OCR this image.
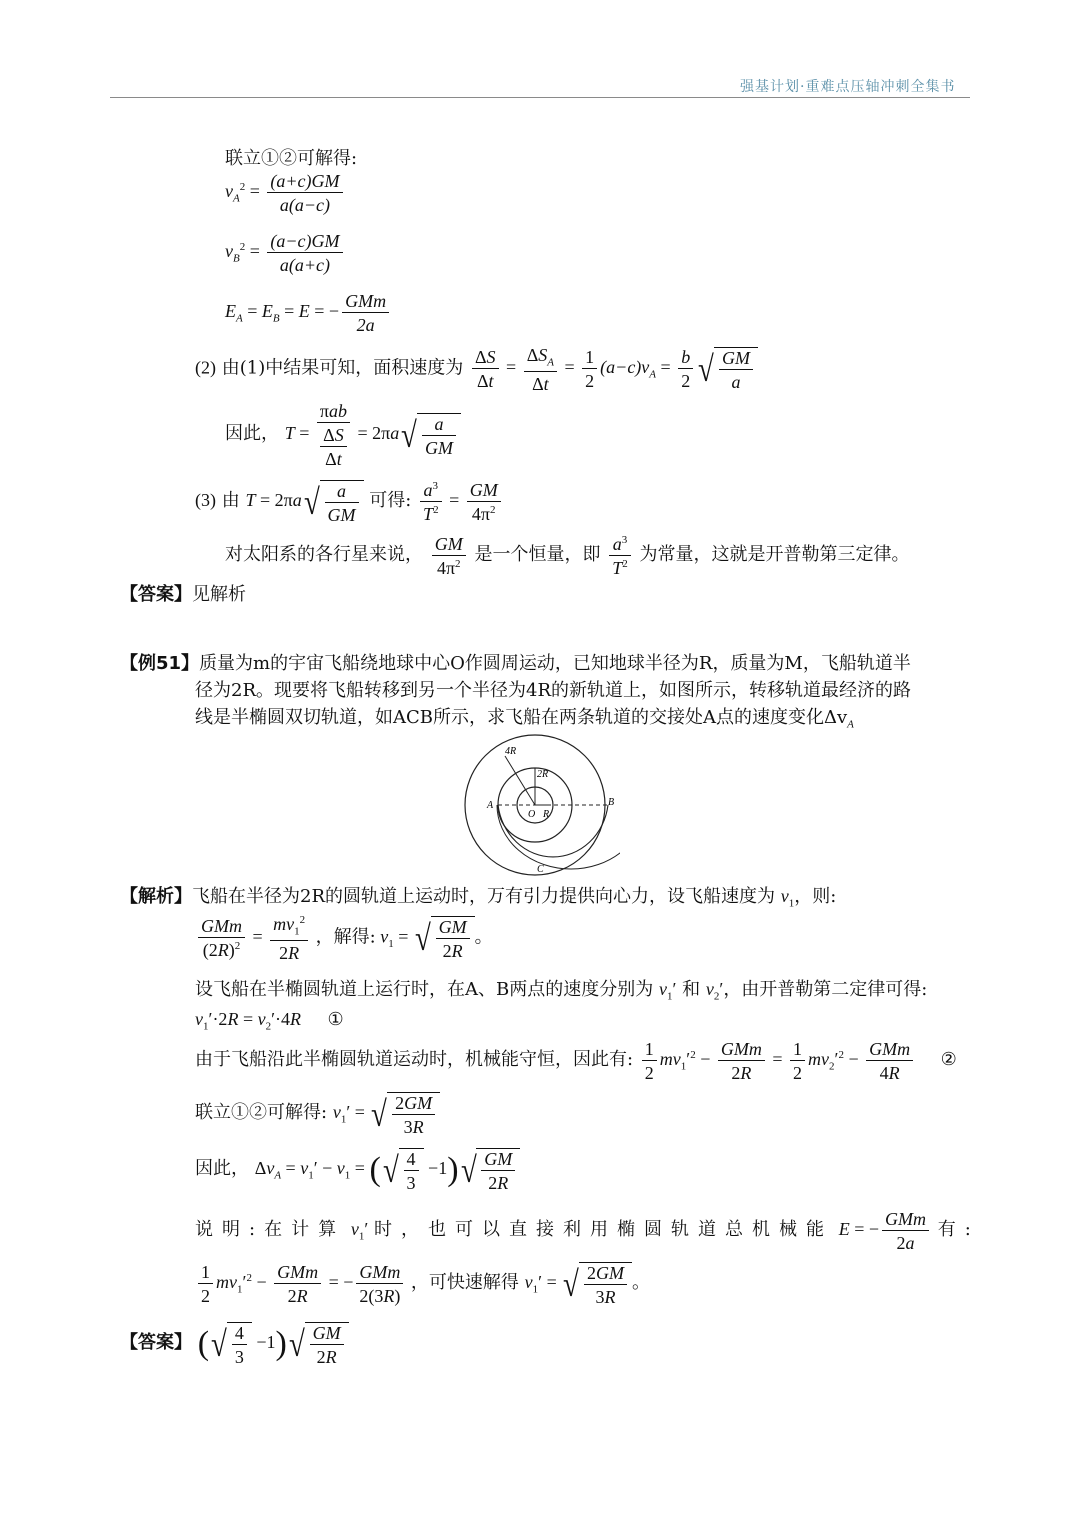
强基计划·重难点压轴冲刺全集书
联立①②可解得:
$v_A^2 = \frac{(a+c)GM}{a(a-c)}$
$v_B^2 = \frac{(a-c)GM}{a(a+c)}$
$E_A = E_B = E$ = − $\frac{\text{GMm}}{2a}$
(2) 由(1)中结果可知，面积速度为 $\frac{\Delta S}{\Delta t} = \frac{\Delta S_A}{\Delta t} = \frac{1}{2} (a-c)v_A = \frac{b}{2}$ √ $\frac{GM}{a}$
因此， $T = \frac{\text{πab}}{\frac{\Delta S}{\Delta t}} = 2\pi a√ \frac{a}{GM}$
(3) 由 $T = 2\pi a√ \frac{a}{GM}$ 可得: $\frac{a^3}{T^2} = \frac{GM}{4\pi^2}$
对太阳系的各行星来说， $\frac{GM}{4\pi^2}$ 是一个恒量，即 $\frac{a^3}{T^2}$ 为常量，这就是开普勒第三定律。
【答案】见解析
【例51】质量为m的宇宙飞船绕地球中心O作圆周运动，已知地球半径为R，质量为M，飞船轨道半
径为2R。现要将飞船转移到另一个半径为4R的新轨道上，如图所示，转移轨道最经济的路
线是半椭圆双切轨道，如ACB所示，求飞船在两条轨道的交接处A点的速度变化$\Delta v_A$
4R
2R
A	B
O R
C
【解析】飞船在半径为2R的圆轨道上运动时，万有引力提供向心力，设飞船速度为 $v_1$，则:
$\frac{\text{GMm}}{(2R)^2} = \frac{mv_1^2}{2R}$ ，解得: $v_1$ = √ $\frac{GM}{2R}$ 。
设飞船在半椭圆轨道上运行时，在A、B两点的速度分别为 $v_1'$ 和 $v_2'$，由开普勒第二定律可得:
$v_1'\cdot 2R = v_2'\cdot 4R$ ①
由于飞船沿此半椭圆轨道运动时，机械能守恒，因此有: $\frac{1}{2} mv_1'^2 - \frac{\text{GMm}}{2R} = \frac{1}{2} mv_2'^2 - \frac{\text{GMm}}{4R}$ ②
联立①②可解得: $v_1'$ = √ $\frac{2GM}{3R}$
因此， $\Delta v_A = v_1' - v_1$ = (√ $\frac{4}{3} -1)√ \frac{GM}{2R}$
说明:在计算 $v_1'$ 时，也可以直接利用椭圆轨道总机械能 E = − $\frac{\text{GMm}}{2a}$ 有:
$\frac{1}{2} mv_1'^2 - \frac{\text{GMm}}{2R}$ = − $\frac{\text{GMm}}{2(3R)}$ ，可快速解得 $v_1'$ = √ $\frac{2GM}{3R}$ 。
【答案】 (√ $\frac{4}{3} -1)√ \frac{GM}{2R}$
